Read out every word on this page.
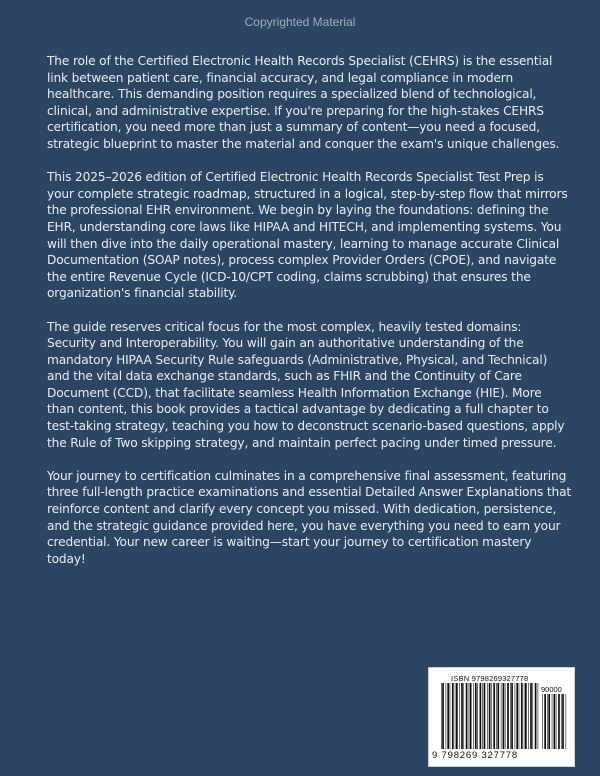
Copyrighted Material

The role of the Certified Electronic Health Records Specialist (CEHRS) is the essential link between patient care, financial accuracy, and legal compliance in modern healthcare. This demanding position requires a specialized blend of technological, clinical, and administrative expertise. If you're preparing for the high-stakes CEHRS certification, you need more than just a summary of content—you need a focused, strategic blueprint to master the material and conquer the exam's unique challenges.

This 2025–2026 edition of Certified Electronic Health Records Specialist Test Prep is your complete strategic roadmap, structured in a logical, step-by-step flow that mirrors the professional EHR environment. We begin by laying the foundations: defining the EHR, understanding core laws like HIPAA and HITECH, and implementing systems. You will then dive into the daily operational mastery, learning to manage accurate Clinical Documentation (SOAP notes), process complex Provider Orders (CPOE), and navigate the entire Revenue Cycle (ICD-10/CPT coding, claims scrubbing) that ensures the organization's financial stability.

The guide reserves critical focus for the most complex, heavily tested domains: Security and Interoperability. You will gain an authoritative understanding of the mandatory HIPAA Security Rule safeguards (Administrative, Physical, and Technical) and the vital data exchange standards, such as FHIR and the Continuity of Care Document (CCD), that facilitate seamless Health Information Exchange (HIE). More than content, this book provides a tactical advantage by dedicating a full chapter to test-taking strategy, teaching you how to deconstruct scenario-based questions, apply the Rule of Two skipping strategy, and maintain perfect pacing under timed pressure.

Your journey to certification culminates in a comprehensive final assessment, featuring three full-length practice examinations and essential Detailed Answer Explanations that reinforce content and clarify every concept you missed. With dedication, persistence, and the strategic guidance provided here, you have everything you need to earn your credential. Your new career is waiting—start your journey to certification mastery today!

ISBN 9798269327778
90000
9 798269 327778
